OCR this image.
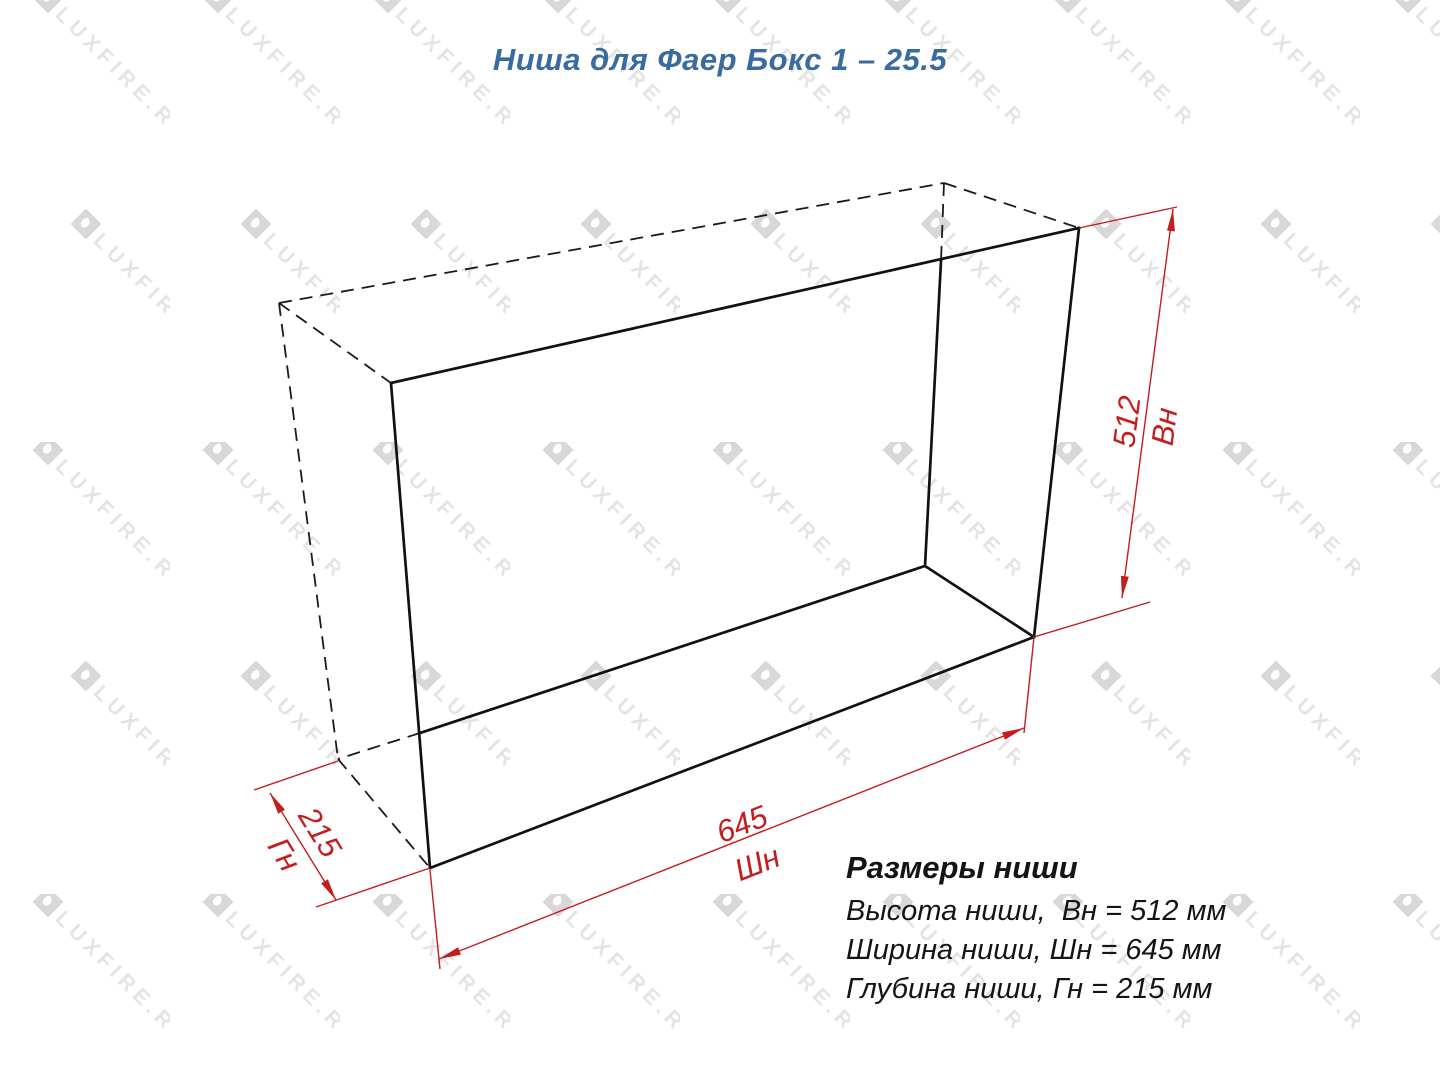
512
Вн
645
Шн
215
Гн
Ниша для Фаер Бокс 1 – 25.5
Размеры ниши
Высота ниши,  Вн = 512 мм
Ширина ниши, Шн = 645 мм
Глубина ниши, Гн = 215 мм
